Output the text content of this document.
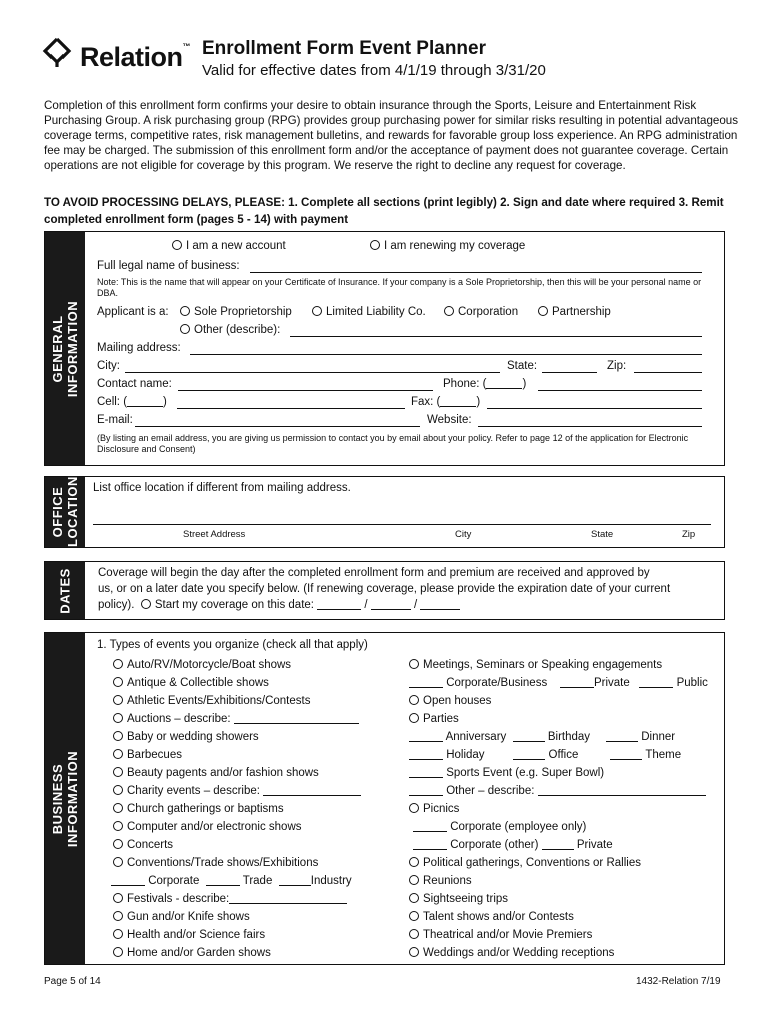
Relation™ Enrollment Form Event Planner
Valid for effective dates from 4/1/19 through 3/31/20
Completion of this enrollment form confirms your desire to obtain insurance through the Sports, Leisure and Entertainment Risk Purchasing Group. A risk purchasing group (RPG) provides group purchasing power for similar risks resulting in potential advantageous coverage terms, competitive rates, risk management bulletins, and rewards for favorable group loss experience. An RPG administration fee may be charged. The submission of this enrollment form and/or the acceptance of payment does not guarantee coverage. Certain operations are not eligible for coverage by this program. We reserve the right to decline any request for coverage.
TO AVOID PROCESSING DELAYS, PLEASE: 1. Complete all sections (print legibly) 2. Sign and date where required 3. Remit completed enrollment form (pages 5 - 14) with payment
GENERAL INFORMATION
I am a new account	I am renewing my coverage
Full legal name of business:
Note: This is the name that will appear on your Certificate of Insurance. If your company is a Sole Proprietorship, then this will be your personal name or DBA.
Applicant is a:	Sole Proprietorship	Limited Liability Co.	Corporation	Partnership
Other (describe):
Mailing address:
City:	State:	Zip:
Contact name:	Phone: (	)
Cell: (	)	Fax: (	)
E-mail:	Website:
(By listing an email address, you are giving us permission to contact you by email about your policy. Refer to page 12 of the application for Electronic Disclosure and Consent)
OFFICE LOCATION List office location if different from mailing address.
Street Address	City	State	Zip
DATES Coverage will begin the day after the completed enrollment form and premium are received and approved by
us, or on a later date you specify below. (If renewing coverage, please provide the expiration date of your current
policy). Start my coverage on this date:	/	/
BUSINESS INFORMATION
1. Types of events you organize (check all that apply)
Auto/RV/Motorcycle/Boat shows
Antique & Collectible shows
Athletic Events/Exhibitions/Contests
Auctions – describe:
Baby or wedding showers
Barbecues
Beauty pagents and/or fashion shows
Charity events – describe:
Church gatherings or baptisms
Computer and/or electronic shows
Concerts
Conventions/Trade shows/Exhibitions
Corporate	Trade	Industry
Festivals - describe:
Gun and/or Knife shows
Health and/or Science fairs
Home and/or Garden shows
Meetings, Seminars or Speaking engagements
Corporate/Business	Private	Public
Open houses
Parties
Anniversary	Birthday	Dinner
Holiday	Office	Theme
Sports Event (e.g. Super Bowl)
Other – describe:
Picnics
Corporate (employee only)
Corporate (other)	Private
Political gatherings, Conventions or Rallies
Reunions
Sightseeing trips
Talent shows and/or Contests
Theatrical and/or Movie Premiers
Weddings and/or Wedding receptions
Page 5 of 14	1432-Relation 7/19
